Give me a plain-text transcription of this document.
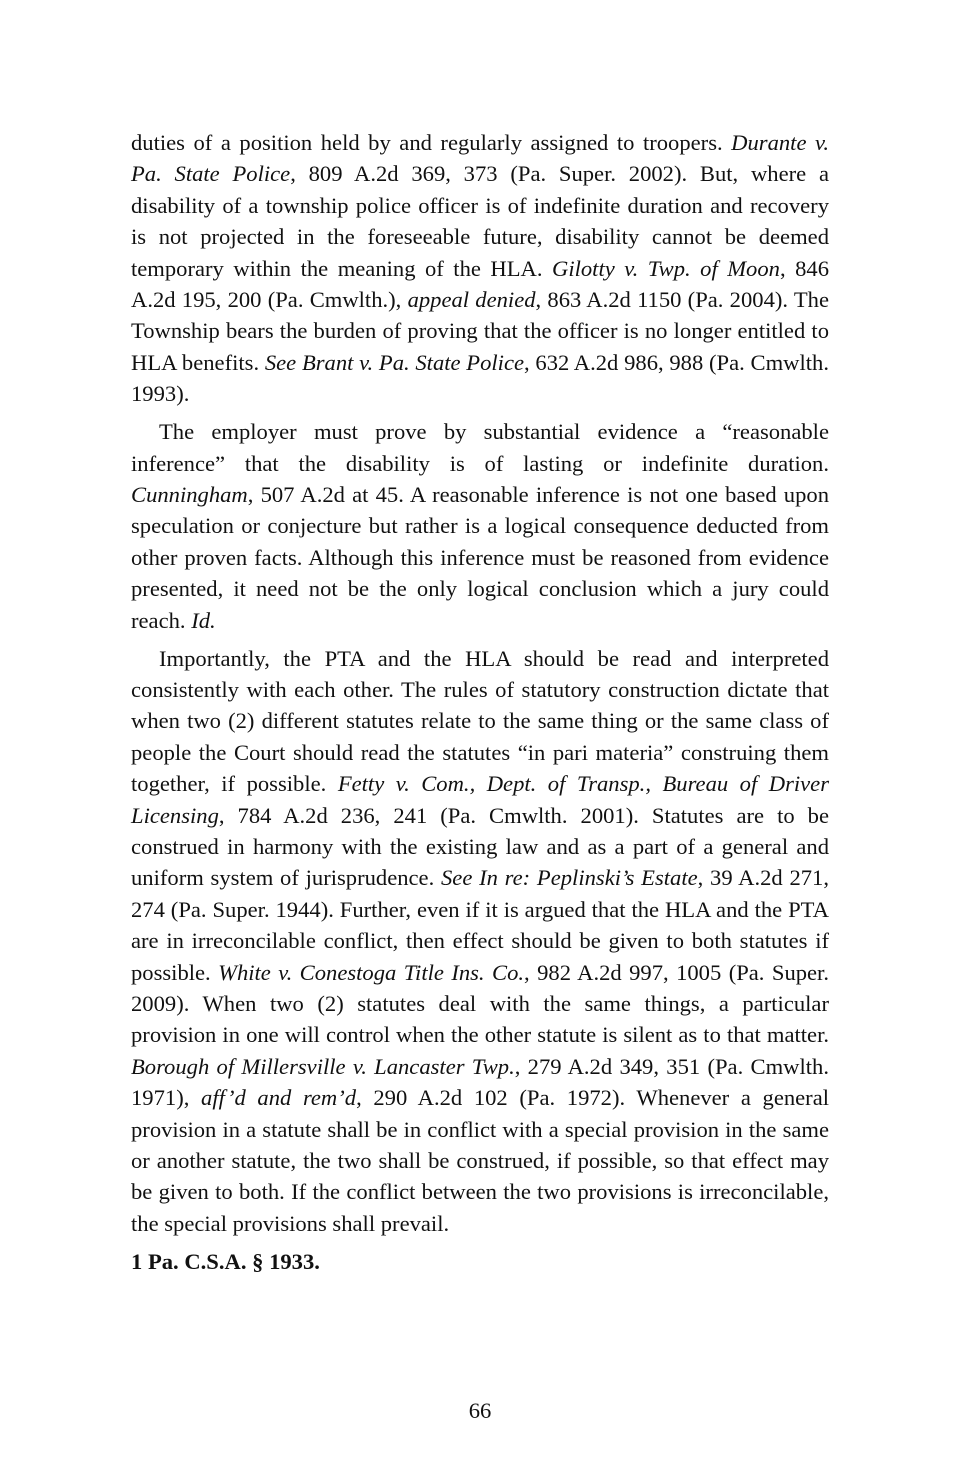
duties of a position held by and regularly assigned to troopers. Durante v. Pa. State Police, 809 A.2d 369, 373 (Pa. Super. 2002). But, where a disability of a township police officer is of indefinite duration and recovery is not projected in the foreseeable future, disability cannot be deemed temporary within the meaning of the HLA. Gilotty v. Twp. of Moon, 846 A.2d 195, 200 (Pa. Cmwlth.), appeal denied, 863 A.2d 1150 (Pa. 2004). The Township bears the burden of proving that the officer is no longer entitled to HLA benefits. See Brant v. Pa. State Police, 632 A.2d 986, 988 (Pa. Cmwlth. 1993).

The employer must prove by substantial evidence a “reasonable inference” that the disability is of lasting or indefinite duration. Cunningham, 507 A.2d at 45. A reasonable inference is not one based upon speculation or conjecture but rather is a logical consequence deducted from other proven facts. Although this inference must be reasoned from evidence presented, it need not be the only logical conclusion which a jury could reach. Id.

Importantly, the PTA and the HLA should be read and interpreted consistently with each other. The rules of statutory construction dictate that when two (2) different statutes relate to the same thing or the same class of people the Court should read the statutes “in pari materia” construing them together, if possible. Fetty v. Com., Dept. of Transp., Bureau of Driver Licensing, 784 A.2d 236, 241 (Pa. Cmwlth. 2001). Statutes are to be construed in harmony with the existing law and as a part of a general and uniform system of jurisprudence. See In re: Peplinski’s Estate, 39 A.2d 271, 274 (Pa. Super. 1944). Further, even if it is argued that the HLA and the PTA are in irreconcilable conflict, then effect should be given to both statutes if possible. White v. Conestoga Title Ins. Co., 982 A.2d 997, 1005 (Pa. Super. 2009). When two (2) statutes deal with the same things, a particular provision in one will control when the other statute is silent as to that matter. Borough of Millersville v. Lancaster Twp., 279 A.2d 349, 351 (Pa. Cmwlth. 1971), aff’d and rem’d, 290 A.2d 102 (Pa. 1972). Whenever a general provision in a statute shall be in conflict with a special provision in the same or another statute, the two shall be construed, if possible, so that effect may be given to both. If the conflict between the two provisions is irreconcilable, the special provisions shall prevail.

1 Pa. C.S.A. § 1933.

66
